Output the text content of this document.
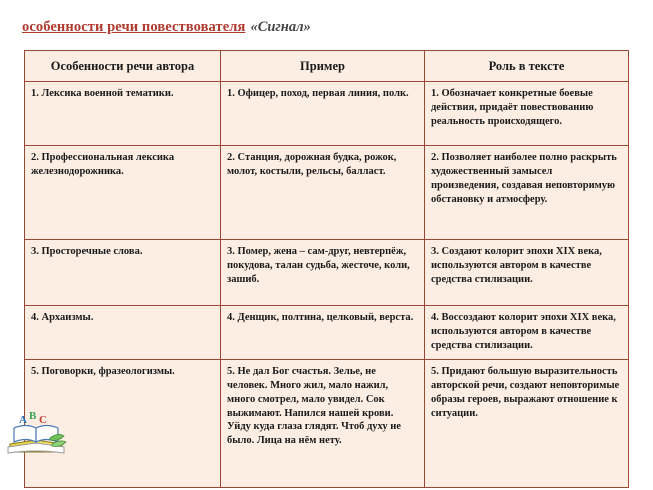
особенности речи повествователя «Сигнал»
Особенности речи автора	Пример	Роль в тексте
1. Лексика военной тематики.	1. Офицер, поход, первая линия, полк.	1. Обозначает конкретные боевые действия, придаёт повествованию реальность происходящего.
2. Профессиональная лексика железнодорожника.	2. Станция, дорожная будка, рожок, молот, костыли, рельсы, балласт.	2. Позволяет наиболее полно раскрыть художественный замысел произведения, создавая неповторимую обстановку и атмосферу.
3. Просторечные слова.	3. Помер, жена – сам-друг, невтерпёж, покудова, талан судьба, жесточе, коли, зашиб.	3. Создают колорит эпохи XIX века, используются автором в качестве средства стилизации.
4. Архаизмы.	4. Денщик, полтина, целковый, верста.	4. Воссоздают колорит эпохи XIX века, используются автором в качестве средства стилизации.
5. Поговорки, фразеологизмы.	5. Не дал Бог счастья. Зелье, не человек. Много жил, мало нажил, много смотрел, мало увидел. Сок выжимают. Напился нашей крови. Уйду куда глаза глядят. Чтоб духу не было. Лица на нём нету.	5. Придают большую выразительность авторской речи, создают неповторимые образы героев, выражают отношение к ситуации.
A B C
